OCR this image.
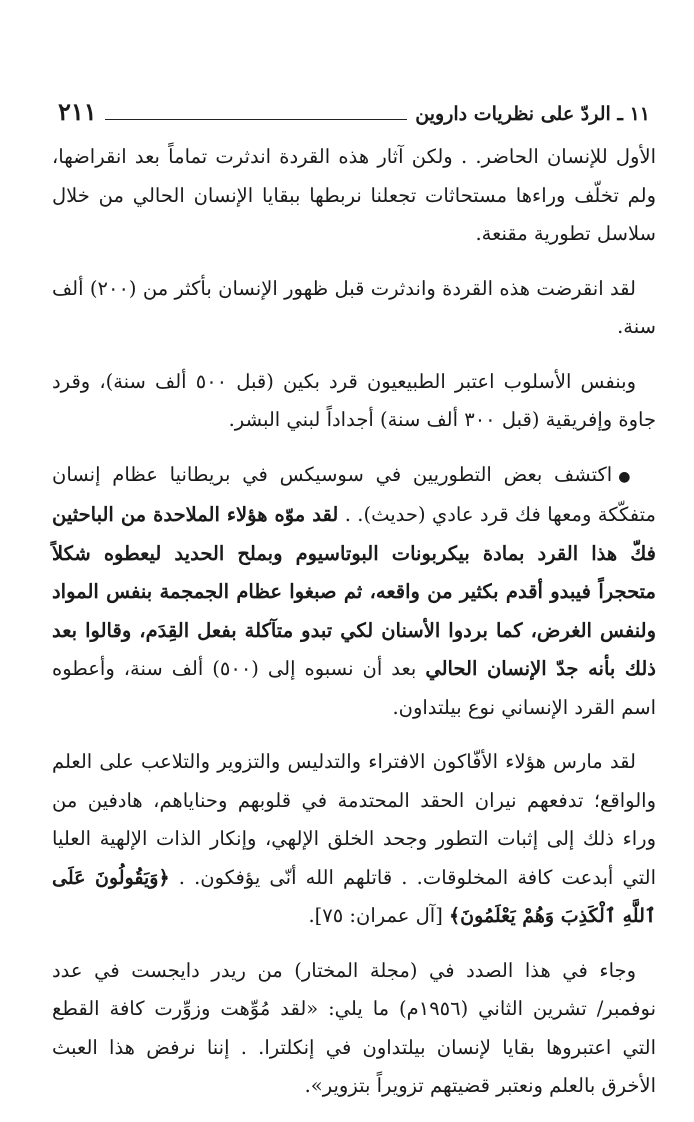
١١ ـ الردّ على نظريات داروين
٢١١

الأول للإنسان الحاضر. . ولكن آثار هذه القردة اندثرت تماماً بعد انقراضها، ولم تخلّف وراءها مستحاثات تجعلنا نربطها ببقايا الإنسان الحالي من خلال سلاسل تطورية مقنعة.

لقد انقرضت هذه القردة واندثرت قبل ظهور الإنسان بأكثر من (٢٠٠) ألف سنة.

وبنفس الأسلوب اعتبر الطبيعيون قرد بكين (قبل ٥٠٠ ألف سنة)، وقرد جاوة وإفريقية (قبل ٣٠٠ ألف سنة) أجداداً لبني البشر.

●اكتشف بعض التطوريين في سوسيكس في بريطانيا عظام إنسان متفكّكة ومعها فك قرد عادي (حديث). . لقد موّه هؤلاء الملاحدة من الباحثين فكّ هذا القرد بمادة بيكربونات البوتاسيوم وبملح الحديد ليعطوه شكلاً متحجراً فيبدو أقدم بكثير من واقعه، ثم صبغوا عظام الجمجمة بنفس المواد ولنفس الغرض، كما بردوا الأسنان لكي تبدو متآكلة بفعل القِدَم، وقالوا بعد ذلك بأنه جدّ الإنسان الحالي بعد أن نسبوه إلى (٥٠٠) ألف سنة، وأعطوه اسم القرد الإنساني نوع بيلتداون.

لقد مارس هؤلاء الأفّاكون الافتراء والتدليس والتزوير والتلاعب على العلم والواقع؛ تدفعهم نيران الحقد المحتدمة في قلوبهم وحناياهم، هادفين من وراء ذلك إلى إثبات التطور وجحد الخلق الإلهي، وإنكار الذات الإلهية العليا التي أبدعت كافة المخلوقات. . قاتلهم الله أنّى يؤفكون. . ﴿وَيَقُولُونَ عَلَى ٱللَّهِ ٱلْكَذِبَ وَهُمْ يَعْلَمُونَ﴾ [آل عمران: ٧٥].

وجاء في هذا الصدد في (مجلة المختار) من ريدر دايجست في عدد نوفمبر/ تشرين الثاني (١٩٥٦م) ما يلي: «لقد مُوِّهت وزوِّرت كافة القطع التي اعتبروها بقايا لإنسان بيلتداون في إنكلترا. . إننا نرفض هذا العبث الأخرق بالعلم ونعتبر قضيتهم تزويراً بتزوير».
